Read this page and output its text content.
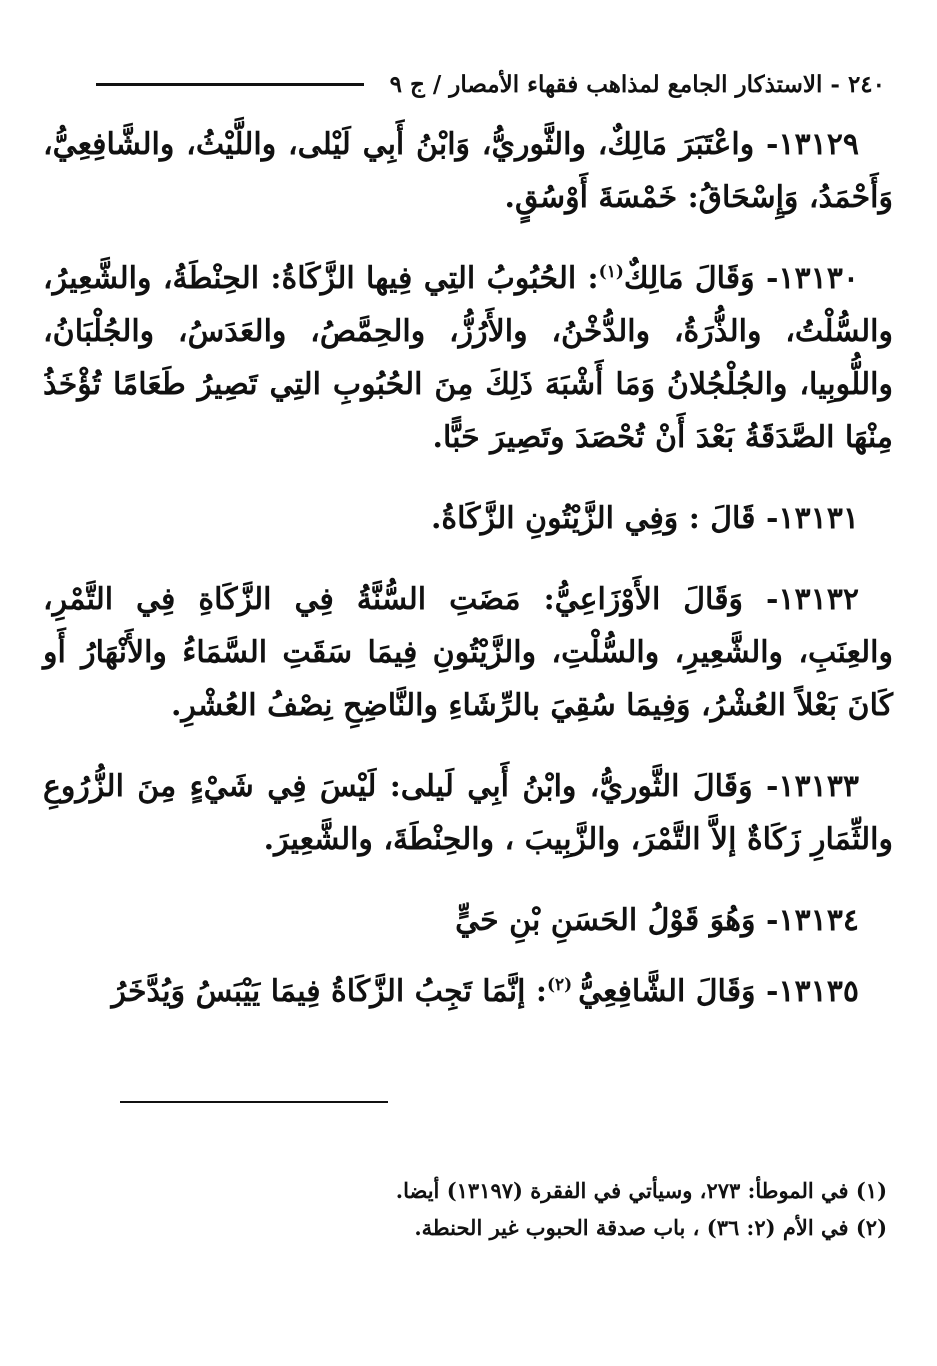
٢٤٠ - الاستذكار الجامع لمذاهب فقهاء الأمصار / ج ٩

١٣١٢٩- واعْتَبَرَ مَالِكٌ، والثَّوريُّ، وَابْنُ أَبِي لَيْلى، واللَّيْثُ، والشَّافِعِيُّ، وَأَحْمَدُ، وَإِسْحَاقُ: خَمْسَةَ أَوْسُقٍ.

١٣١٣٠- وَقَالَ مَالِكٌ$^{(١)}$: الحُبُوبُ التِي فِيها الزَّكَاةُ: الحِنْطَةُ، والشَّعِيرُ، والسُّلْتُ، والذُّرَةُ، والدُّخْنُ، والأَرُزُّ، والحِمَّصُ، والعَدَسُ، والجُلْبَانُ، واللُّوبِيا، والجُلْجُلانُ وَمَا أَشْبَهَ ذَلِكَ مِنَ الحُبُوبِ التِي تَصِيرُ طَعَامًا تُؤْخَذُ مِنْهَا الصَّدَقَةُ بَعْدَ أَنْ تُحْصَدَ وتَصِيرَ حَبًّا.

١٣١٣١- قَالَ : وَفِي الزَّيْتُونِ الزَّكَاةُ.

١٣١٣٢- وَقَالَ الأَوْزَاعِيُّ: مَضَتِ السُّنَّةُ فِي الزَّكَاةِ فِي التَّمْرِ، والعِنَبِ، والشَّعِيرِ، والسُّلْتِ، والزَّيْتُونِ فِيمَا سَقَتِ السَّمَاءُ والأَنْهَارُ أَو كَانَ بَعْلاً العُشْرُ، وَفِيمَا سُقِيَ بالرِّشَاءِ والنَّاضِحِ نِصْفُ العُشْرِ.

١٣١٣٣- وَقَالَ الثَّوريُّ، وابْنُ أَبِي لَيلى: لَيْسَ فِي شَيْءٍ مِنَ الزُّرُوعِ والثِّمَارِ زَكَاةٌ إلاَّ التَّمْرَ، والزَّبِيبَ ، والحِنْطَةَ، والشَّعِيرَ.

١٣١٣٤- وَهُوَ قَوْلُ الحَسَنِ بْنِ حَيٍّ

١٣١٣٥- وَقَالَ الشَّافِعِيُّ $^{(٢)}$: إنَّمَا تَجِبُ الزَّكَاةُ فِيمَا يَيْبَسُ وَيُدَّخَرُ

(١) في الموطأ: ٢٧٣، وسيأتي في الفقرة (١٣١٩٧) أيضا.

(٢) في الأم (٢: ٣٦) ، باب صدقة الحبوب غير الحنطة.
